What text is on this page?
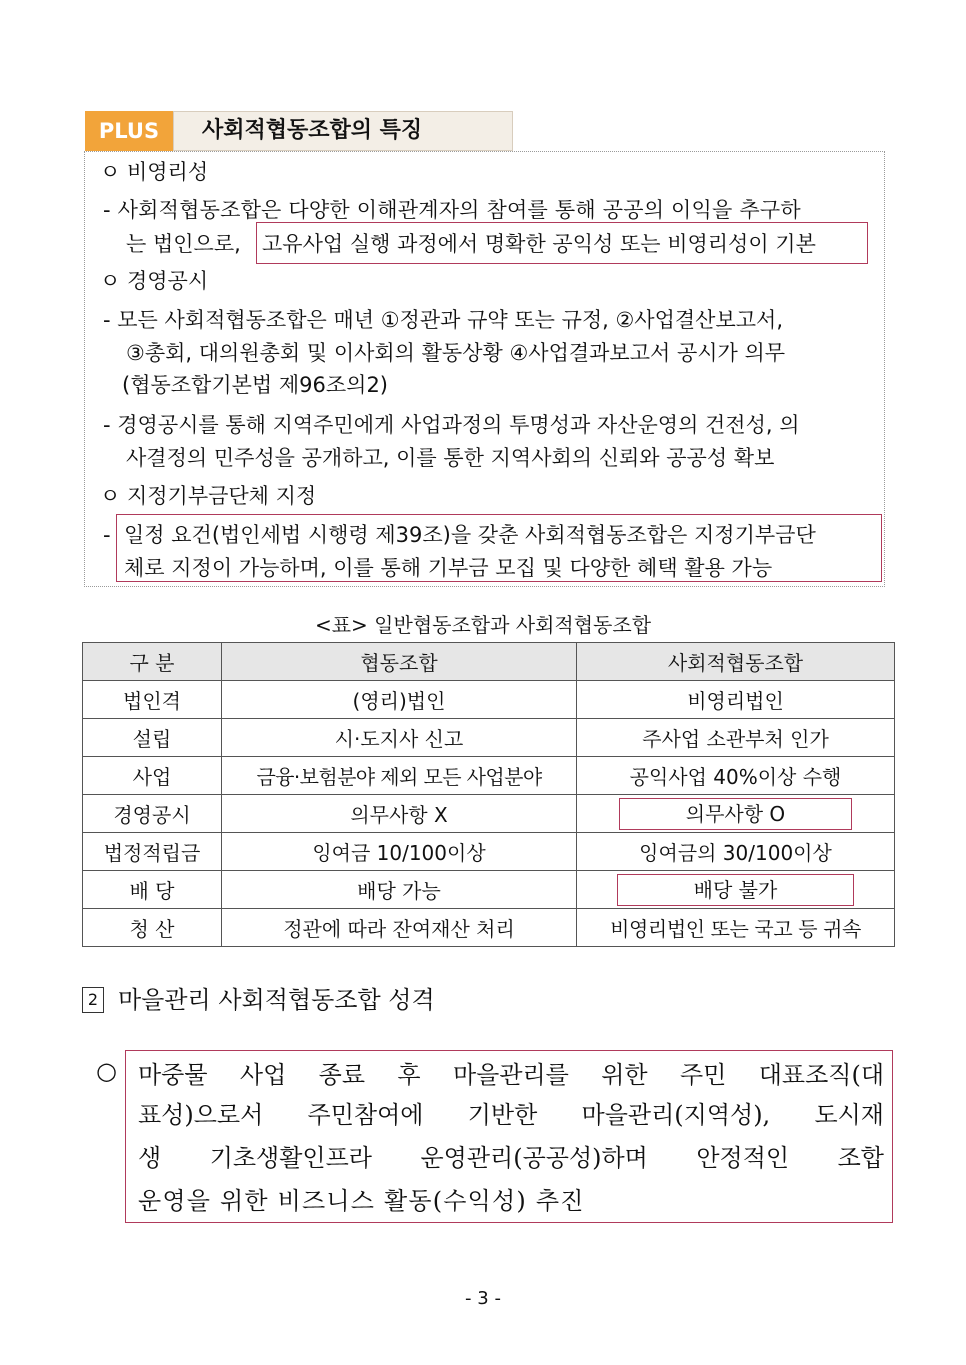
PLUS	사회적협동조합의 특징
ㅇ 비영리성
- 사회적협동조합은 다양한 이해관계자의 참여를 통해 공공의 이익을 추구하
는 법인으로, 고유사업 실행 과정에서 명확한 공익성 또는 비영리성이 기본
ㅇ 경영공시
- 모든 사회적협동조합은 매년 ①정관과 규약 또는 규정, ②사업결산보고서,
③총회, 대의원총회 및 이사회의 활동상황 ④사업결과보고서 공시가 의무
(협동조합기본법 제96조의2)
- 경영공시를 통해 지역주민에게 사업과정의 투명성과 자산운영의 건전성, 의
사결정의 민주성을 공개하고, 이를 통한 지역사회의 신뢰와 공공성 확보
ㅇ 지정기부금단체 지정
- 일정 요건(법인세법 시행령 제39조)을 갖춘 사회적협동조합은 지정기부금단
체로 지정이 가능하며, 이를 통해 기부금 모집 및 다양한 혜택 활용 가능
<표> 일반협동조합과 사회적협동조합
구 분	협동조합	사회적협동조합
법인격	(영리)법인	비영리법인
설립	시·도지사 신고	주사업 소관부처 인가
사업	금융·보험분야 제외 모든 사업분야	공익사업 40%이상 수행
경영공시	의무사항 X	의무사항 O
법정적립금	잉여금 10/100이상	잉여금의 30/100이상
배 당	배당 가능	배당 불가
청 산	정관에 따라 잔여재산 처리	비영리법인 또는 국고 등 귀속
2 마을관리 사회적협동조합 성격
○ 마중물 사업 종료 후 마을관리를 위한 주민 대표조직(대
표성)으로서 주민참여에 기반한 마을관리(지역성), 도시재
생 기초생활인프라 운영관리(공공성)하며 안정적인 조합
운영을 위한 비즈니스 활동(수익성) 추진
- 3 -
